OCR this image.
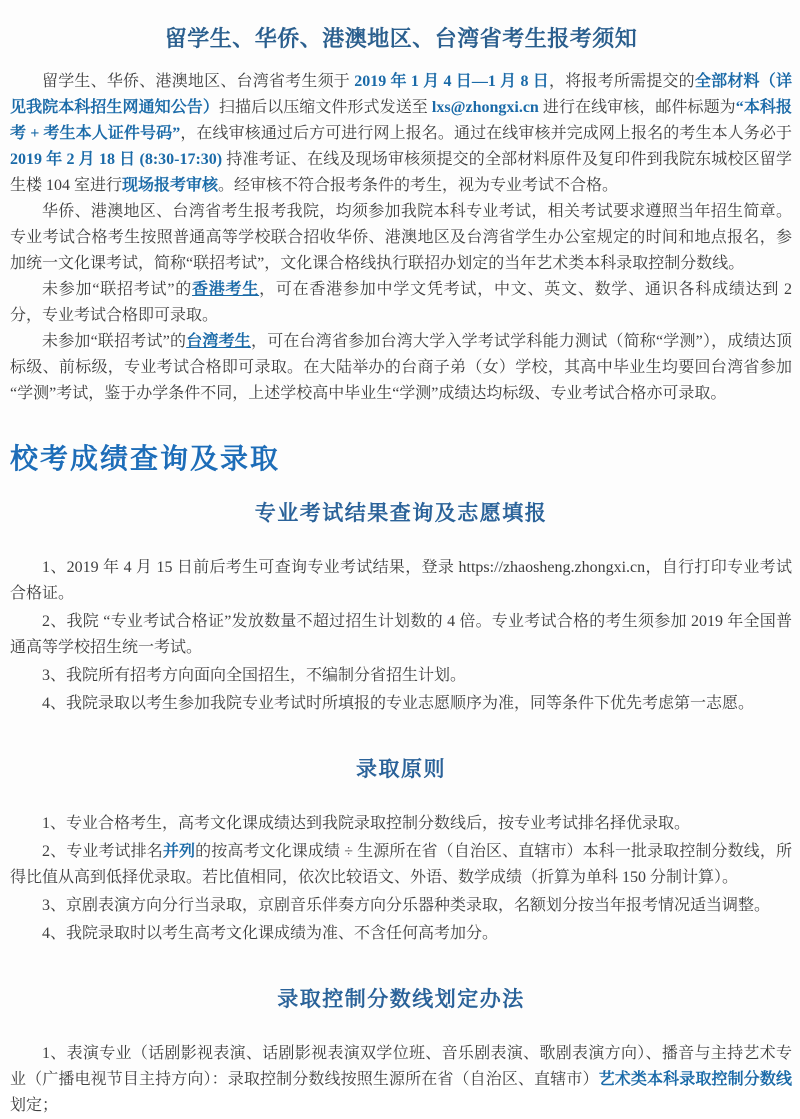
留学生、华侨、港澳地区、台湾省考生报考须知

留学生、华侨、港澳地区、台湾省考生须于 2019 年 1 月 4 日—1 月 8 日，将报考所需提交的全部材料（详见我院本科招生网通知公告）扫描后以压缩文件形式发送至 lxs@zhongxi.cn 进行在线审核，邮件标题为“本科报考 + 考生本人证件号码”，在线审核通过后方可进行网上报名。通过在线审核并完成网上报名的考生本人务必于 2019 年 2 月 18 日 (8:30-17:30) 持准考证、在线及现场审核须提交的全部材料原件及复印件到我院东城校区留学生楼 104 室进行现场报考审核。经审核不符合报考条件的考生，视为专业考试不合格。

华侨、港澳地区、台湾省考生报考我院，均须参加我院本科专业考试，相关考试要求遵照当年招生简章。专业考试合格考生按照普通高等学校联合招收华侨、港澳地区及台湾省学生办公室规定的时间和地点报名，参加统一文化课考试，简称“联招考试”，文化课合格线执行联招办划定的当年艺术类本科录取控制分数线。

未参加“联招考试”的香港考生，可在香港参加中学文凭考试，中文、英文、数学、通识各科成绩达到 2 分，专业考试合格即可录取。

未参加“联招考试”的台湾考生，可在台湾省参加台湾大学入学考试学科能力测试（简称“学测”），成绩达顶标级、前标级，专业考试合格即可录取。在大陆举办的台商子弟（女）学校，其高中毕业生均要回台湾省参加“学测”考试，鉴于办学条件不同，上述学校高中毕业生“学测”成绩达均标级、专业考试合格亦可录取。

校考成绩查询及录取
专业考试结果查询及志愿填报

1、2019 年 4 月 15 日前后考生可查询专业考试结果，登录 https://zhaosheng.zhongxi.cn，自行打印专业考试合格证。

2、我院 “专业考试合格证”发放数量不超过招生计划数的 4 倍。专业考试合格的考生须参加 2019 年全国普通高等学校招生统一考试。

3、我院所有招考方向面向全国招生，不编制分省招生计划。

4、我院录取以考生参加我院专业考试时所填报的专业志愿顺序为准，同等条件下优先考虑第一志愿。

录取原则

1、专业合格考生，高考文化课成绩达到我院录取控制分数线后，按专业考试排名择优录取。

2、专业考试排名并列的按高考文化课成绩 ÷ 生源所在省（自治区、直辖市）本科一批录取控制分数线，所得比值从高到低择优录取。若比值相同，依次比较语文、外语、数学成绩（折算为单科 150 分制计算）。

3、京剧表演方向分行当录取，京剧音乐伴奏方向分乐器种类录取，名额划分按当年报考情况适当调整。

4、我院录取时以考生高考文化课成绩为准、不含任何高考加分。

录取控制分数线划定办法

1、表演专业（话剧影视表演、话剧影视表演双学位班、音乐剧表演、歌剧表演方向）、播音与主持艺术专业（广播电视节目主持方向）：录取控制分数线按照生源所在省（自治区、直辖市）艺术类本科录取控制分数线划定；
